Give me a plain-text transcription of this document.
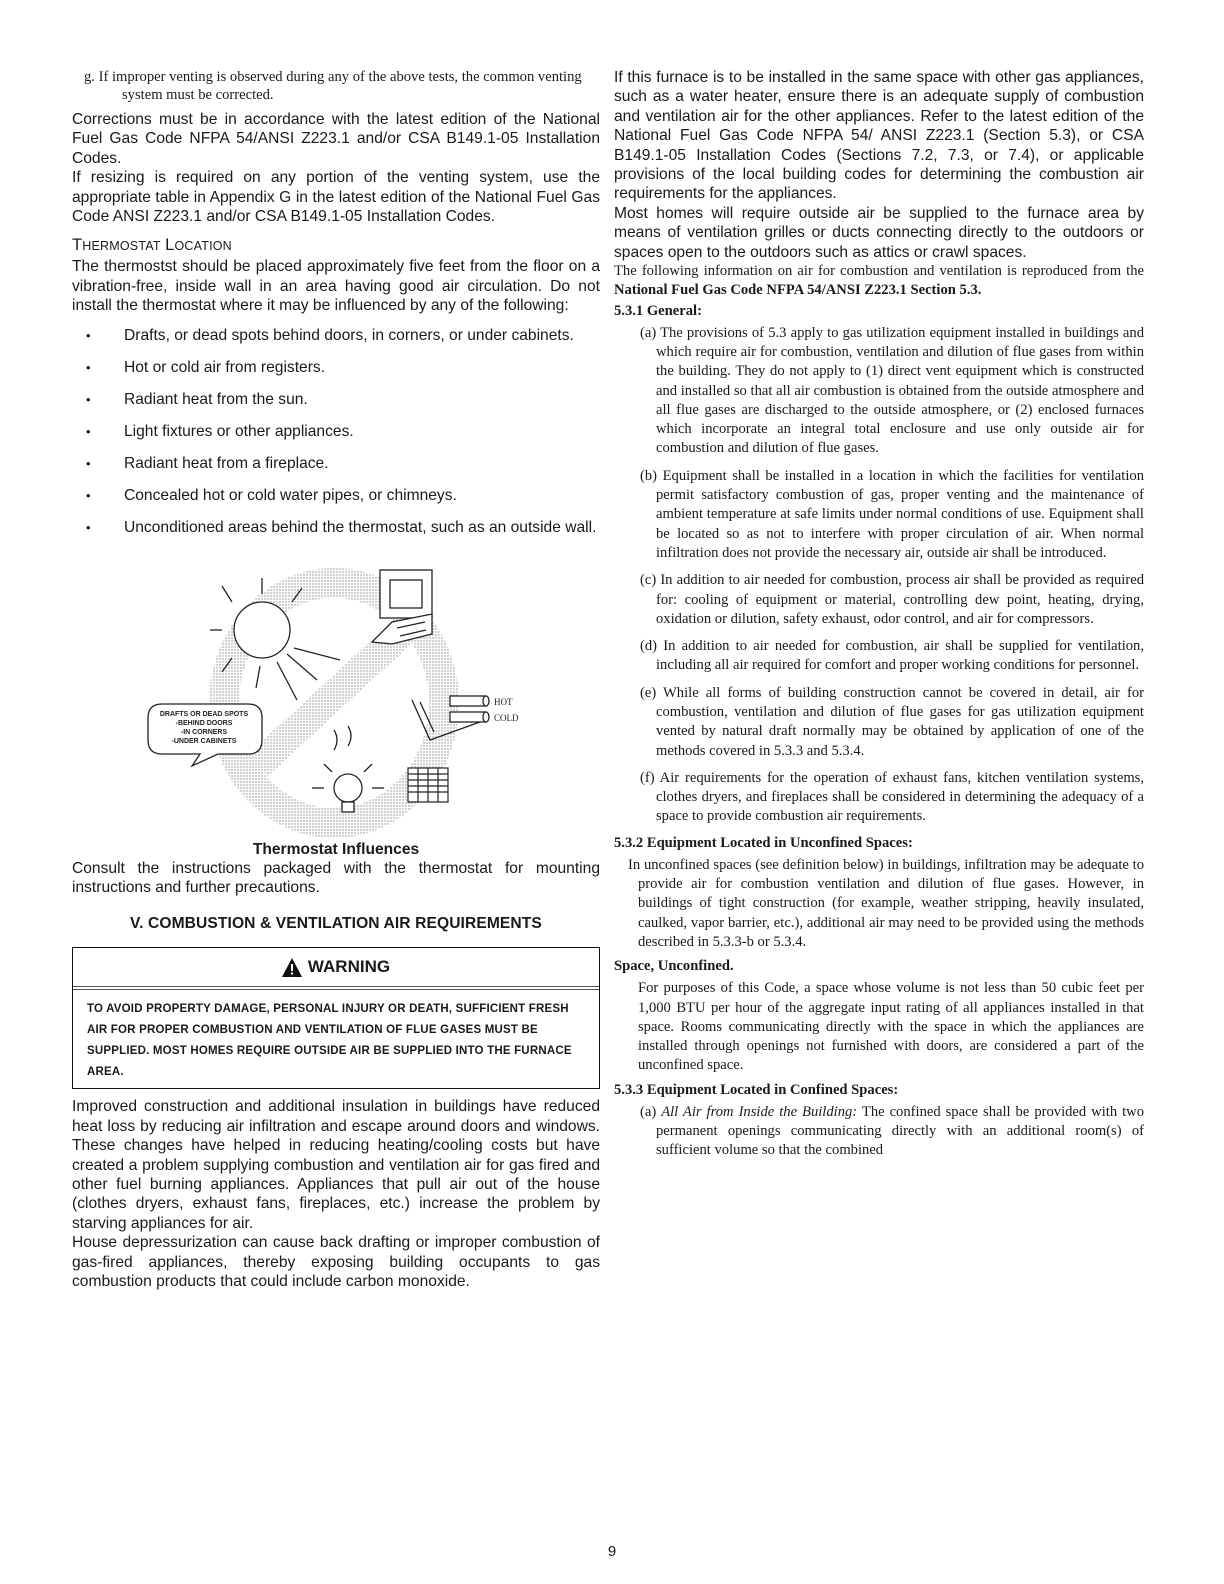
g. If improper venting is observed during any of the above tests, the common venting system must be corrected.

Corrections must be in accordance with the latest edition of the National Fuel Gas Code NFPA 54/ANSI Z223.1 and/or CSA B149.1-05 Installation Codes.

If resizing is required on any portion of the venting system, use the appropriate table in Appendix G in the latest edition of the National Fuel Gas Code ANSI Z223.1 and/or CSA B149.1-05 Installation Codes.

THERMOSTAT LOCATION

The thermostst should be placed approximately five feet from the floor on a vibration-free, inside wall in an area having good air circulation. Do not install the thermostat where it may be influenced by any of the following:

• Drafts, or dead spots behind doors, in corners, or under cabinets.
• Hot or cold air from registers.
• Radiant heat from the sun.
• Light fixtures or other appliances.
• Radiant heat from a fireplace.
• Concealed hot or cold water pipes, or chimneys.
• Unconditioned areas behind the thermostat, such as an outside wall.
DRAFTS OR DEAD SPOTS
-BEHIND DOORS
-IN CORNERS
-UNDER CABINETS
HOT
COLD

Thermostat Influences

Consult the instructions packaged with the thermostat for mounting instructions and further precautions.

V. COMBUSTION & VENTILATION AIR REQUIREMENTS

WARNING
TO AVOID PROPERTY DAMAGE, PERSONAL INJURY OR DEATH, SUFFICIENT FRESH AIR FOR PROPER COMBUSTION AND VENTILATION OF FLUE GASES MUST BE SUPPLIED. MOST HOMES REQUIRE OUTSIDE AIR BE SUPPLIED INTO THE FURNACE AREA.

Improved construction and additional insulation in buildings have reduced heat loss by reducing air infiltration and escape around doors and windows. These changes have helped in reducing heating/cooling costs but have created a problem supplying combustion and ventilation air for gas fired and other fuel burning appliances. Appliances that pull air out of the house (clothes dryers, exhaust fans, fireplaces, etc.) increase the problem by starving appliances for air.

House depressurization can cause back drafting or improper combustion of gas-fired appliances, thereby exposing building occupants to gas combustion products that could include carbon monoxide.

If this furnace is to be installed in the same space with other gas appliances, such as a water heater, ensure there is an adequate supply of combustion and ventilation air for the other appliances. Refer to the latest edition of the National Fuel Gas Code NFPA 54/ ANSI Z223.1 (Section 5.3), or CSA B149.1-05 Installation Codes (Sections 7.2, 7.3, or 7.4), or applicable provisions of the local building codes for determining the combustion air requirements for the appliances.

Most homes will require outside air be supplied to the furnace area by means of ventilation grilles or ducts connecting directly to the outdoors or spaces open to the outdoors such as attics or crawl spaces.

The following information on air for combustion and ventilation is reproduced from the National Fuel Gas Code NFPA 54/ANSI Z223.1 Section 5.3.

5.3.1 General:

(a) The provisions of 5.3 apply to gas utilization equipment installed in buildings and which require air for combustion, ventilation and dilution of flue gases from within the building. They do not apply to (1) direct vent equipment which is constructed and installed so that all air combustion is obtained from the outside atmosphere and all flue gases are discharged to the outside atmosphere, or (2) enclosed furnaces which incorporate an integral total enclosure and use only outside air for combustion and dilution of flue gases.

(b) Equipment shall be installed in a location in which the facilities for ventilation permit satisfactory combustion of gas, proper venting and the maintenance of ambient temperature at safe limits under normal conditions of use. Equipment shall be located so as not to interfere with proper circulation of air. When normal infiltration does not provide the necessary air, outside air shall be introduced.

(c) In addition to air needed for combustion, process air shall be provided as required for: cooling of equipment or material, controlling dew point, heating, drying, oxidation or dilution, safety exhaust, odor control, and air for compressors.

(d) In addition to air needed for combustion, air shall be supplied for ventilation, including all air required for comfort and proper working conditions for personnel.

(e) While all forms of building construction cannot be covered in detail, air for combustion, ventilation and dilution of flue gases for gas utilization equipment vented by natural draft normally may be obtained by application of one of the methods covered in 5.3.3 and 5.3.4.

(f) Air requirements for the operation of exhaust fans, kitchen ventilation systems, clothes dryers, and fireplaces shall be considered in determining the adequacy of a space to provide combustion air requirements.

5.3.2 Equipment Located in Unconfined Spaces:

In unconfined spaces (see definition below) in buildings, infiltration may be adequate to provide air for combustion ventilation and dilution of flue gases. However, in buildings of tight construction (for example, weather stripping, heavily insulated, caulked, vapor barrier, etc.), additional air may need to be provided using the methods described in 5.3.3-b or 5.3.4.

Space, Unconfined.

For purposes of this Code, a space whose volume is not less than 50 cubic feet per 1,000 BTU per hour of the aggregate input rating of all appliances installed in that space. Rooms communicating directly with the space in which the appliances are installed through openings not furnished with doors, are considered a part of the unconfined space.

5.3.3 Equipment Located in Confined Spaces:

(a) All Air from Inside the Building: The confined space shall be provided with two permanent openings communicating directly with an additional room(s) of sufficient volume so that the combined

9
